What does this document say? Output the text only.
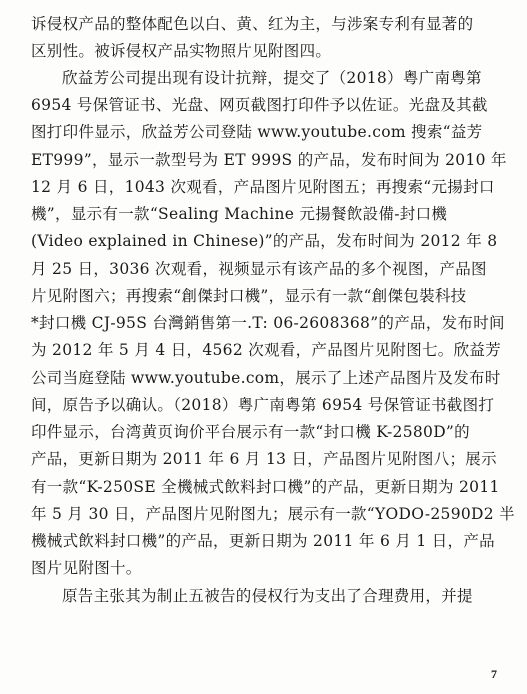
诉侵权产品的整体配色以白、黄、红为主，与涉案专利有显著的
区别性。被诉侵权产品实物照片见附图四。
欣益芳公司提出现有设计抗辩，提交了（2018）粤广南粤第
6954 号保管证书、光盘、网页截图打印件予以佐证。光盘及其截
图打印件显示，欣益芳公司登陆 www.youtube.com 搜索“益芳
ET999”，显示一款型号为 ET 999S 的产品，发布时间为 2010 年
12 月 6 日，1043 次观看，产品图片见附图五；再搜索“元揚封口
機”，显示有一款“Sealing Machine 元揚餐飲設備-封口機
(Video explained in Chinese)”的产品，发布时间为 2012 年 8
月 25 日，3036 次观看，视频显示有该产品的多个视图，产品图
片见附图六；再搜索“創傑封口機”，显示有一款“創傑包裝科技
*封口機 CJ-95S 台灣銷售第一.T: 06-2608368”的产品，发布时间
为 2012 年 5 月 4 日，4562 次观看，产品图片见附图七。欣益芳
公司当庭登陆 www.youtube.com，展示了上述产品图片及发布时
间，原告予以确认。（2018）粤广南粤第 6954 号保管证书截图打
印件显示，台湾黄页询价平台展示有一款“封口機 K-2580D”的
产品，更新日期为 2011 年 6 月 13 日，产品图片见附图八；展示
有一款“K-250SE 全機械式飲料封口機”的产品，更新日期为 2011
年 5 月 30 日，产品图片见附图九；展示有一款“YODO-2590D2 半
機械式飲料封口機”的产品，更新日期为 2011 年 6 月 1 日，产品
图片见附图十。
原告主张其为制止五被告的侵权行为支出了合理费用，并提
7
